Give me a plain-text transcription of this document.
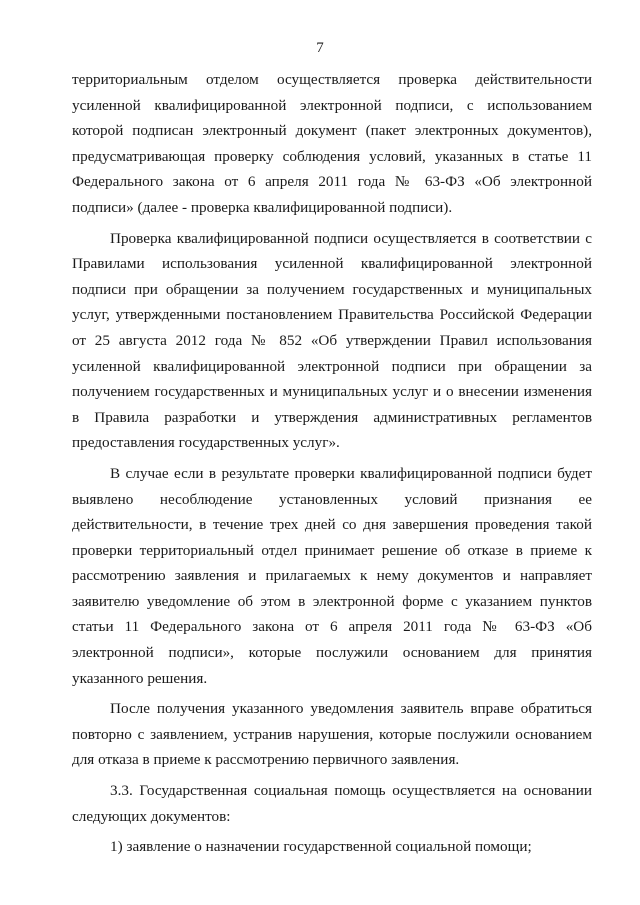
7
территориальным отделом осуществляется проверка действительности
усиленной квалифицированной электронной подписи, с использованием
которой подписан электронный документ (пакет электронных документов),
предусматривающая проверку соблюдения условий, указанных в статье 11
Федерального закона от 6 апреля 2011 года № 63-ФЗ «Об электронной
подписи» (далее - проверка квалифицированной подписи).
Проверка квалифицированной подписи осуществляется в соответствии с
Правилами использования усиленной квалифицированной электронной
подписи при обращении за получением государственных и муниципальных
услуг, утвержденными постановлением Правительства Российской Федерации
от 25 августа 2012 года № 852 «Об утверждении Правил использования
усиленной квалифицированной электронной подписи при обращении за
получением государственных и муниципальных услуг и о внесении изменения
в Правила разработки и утверждения административных регламентов
предоставления государственных услуг».
В случае если в результате проверки квалифицированной подписи будет
выявлено несоблюдение установленных условий признания ее
действительности, в течение трех дней со дня завершения проведения такой
проверки территориальный отдел принимает решение об отказе в приеме к
рассмотрению заявления и прилагаемых к нему документов и направляет
заявителю уведомление об этом в электронной форме с указанием пунктов
статьи 11 Федерального закона от 6 апреля 2011 года № 63-ФЗ «Об
электронной подписи», которые послужили основанием для принятия
указанного решения.
После получения указанного уведомления заявитель вправе обратиться
повторно с заявлением, устранив нарушения, которые послужили основанием
для отказа в приеме к рассмотрению первичного заявления.
3.3. Государственная социальная помощь осуществляется на основании
следующих документов:
1) заявление о назначении государственной социальной помощи;
